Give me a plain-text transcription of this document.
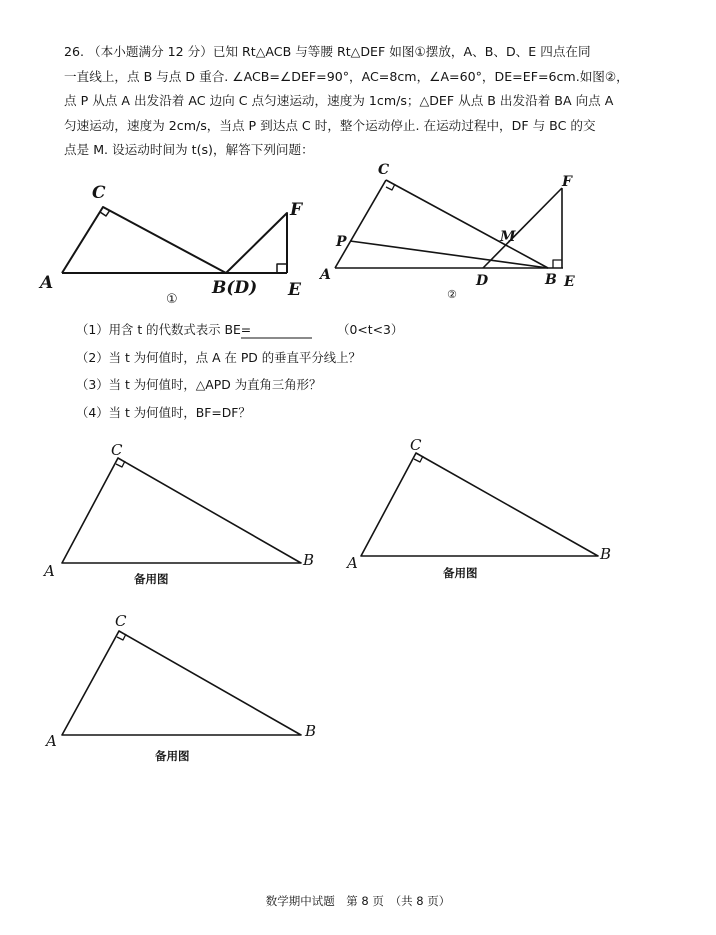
26. （本小题满分 12 分）已知 Rt△ACB 与等腰 Rt△DEF 如图①摆放，A、B、D、E 四点在同
一直线上，点 B 与点 D 重合. ∠ACB=∠DEF=90°，AC=8cm，∠A=60°，DE=EF=6cm.如图②，
点 P 从点 A 出发沿着 AC 边向 C 点匀速运动，速度为 1cm/s；△DEF 从点 B 出发沿着 BA 向点 A
匀速运动，速度为 2cm/s，当点 P 到达点 C 时，整个运动停止. 在运动过程中，DF 与 BC 的交
点是 M. 设运动时间为 t(s)，解答下列问题：
A
C
B(D)
F
E
①
A
C
P	M
D	B E
F
②
A
C
B A
C
B
A
C
B
备用图	备用图
备用图
（1）用含 t 的代数式表示 BE=	（0<t<3）
（2）当 t 为何值时，点 A 在 PD 的垂直平分线上？
（3）当 t 为何值时，△APD 为直角三角形？
（4）当 t 为何值时，BF=DF？
数学期中试题　第 8 页　（共 8 页）
